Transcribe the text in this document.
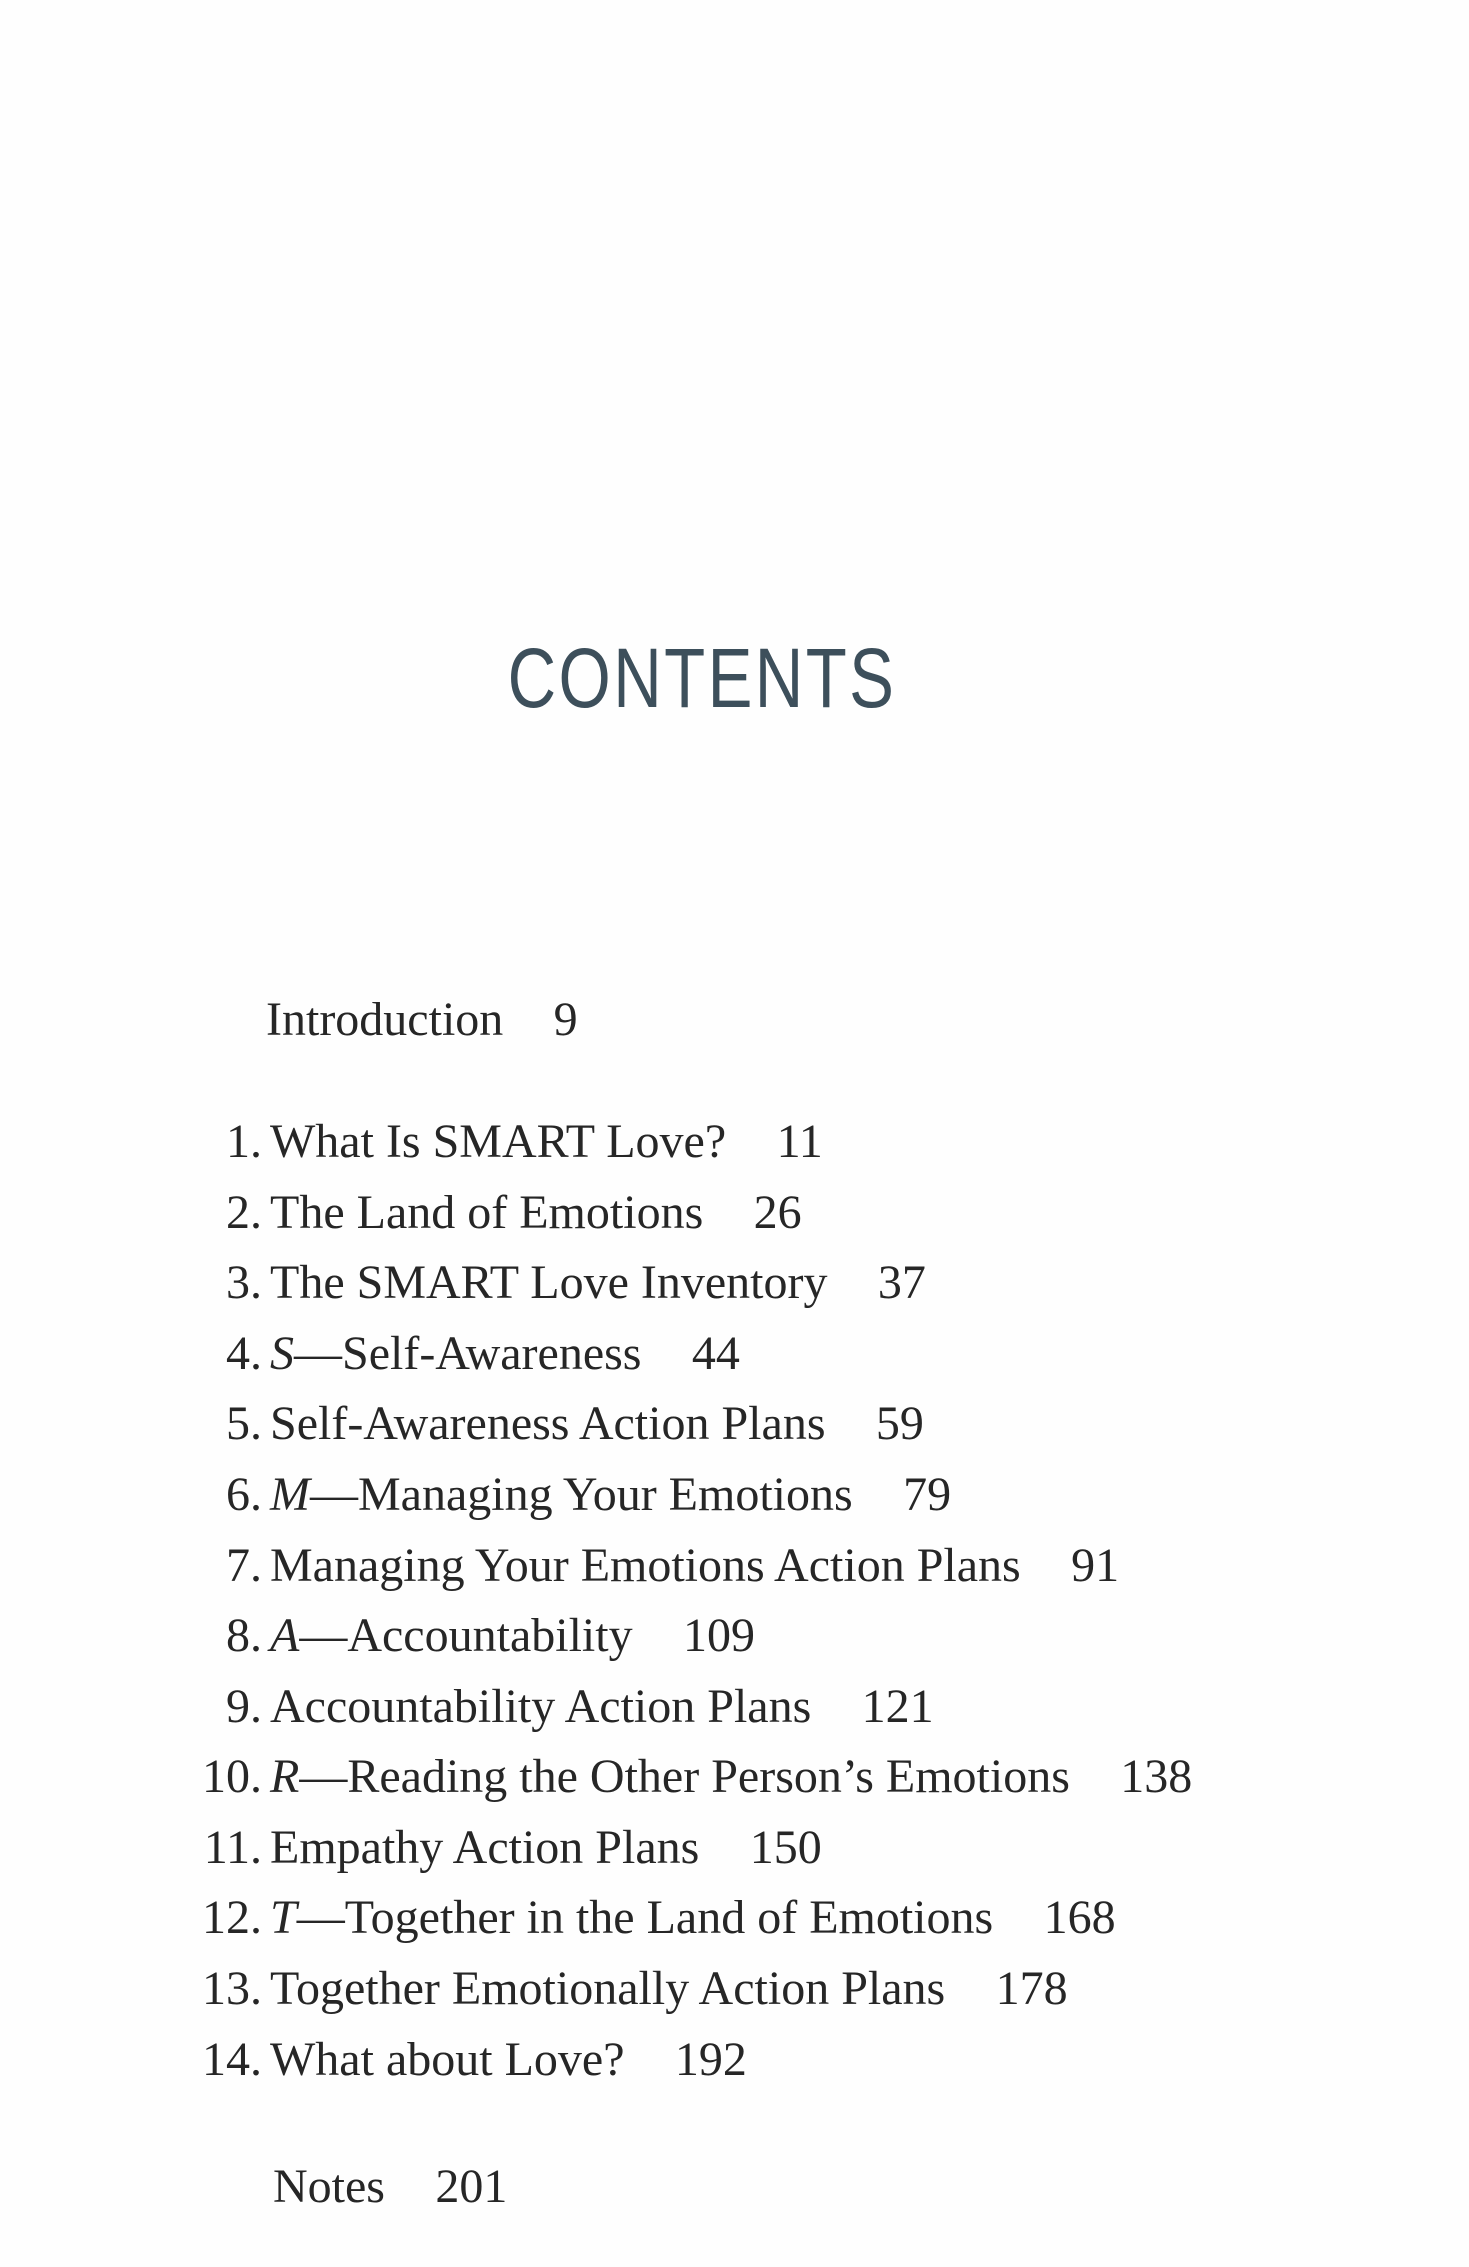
CONTENTS
Introduction 9
1. What Is SMART Love? 11
2. The Land of Emotions 26
3. The SMART Love Inventory 37
4. S—Self-Awareness 44
5. Self-Awareness Action Plans 59
6. M—Managing Your Emotions 79
7. Managing Your Emotions Action Plans 91
8. A—Accountability 109
9. Accountability Action Plans 121
10. R—Reading the Other Person’s Emotions 138
11. Empathy Action Plans 150
12. T—Together in the Land of Emotions 168
13. Together Emotionally Action Plans 178
14. What about Love? 192
Notes 201
